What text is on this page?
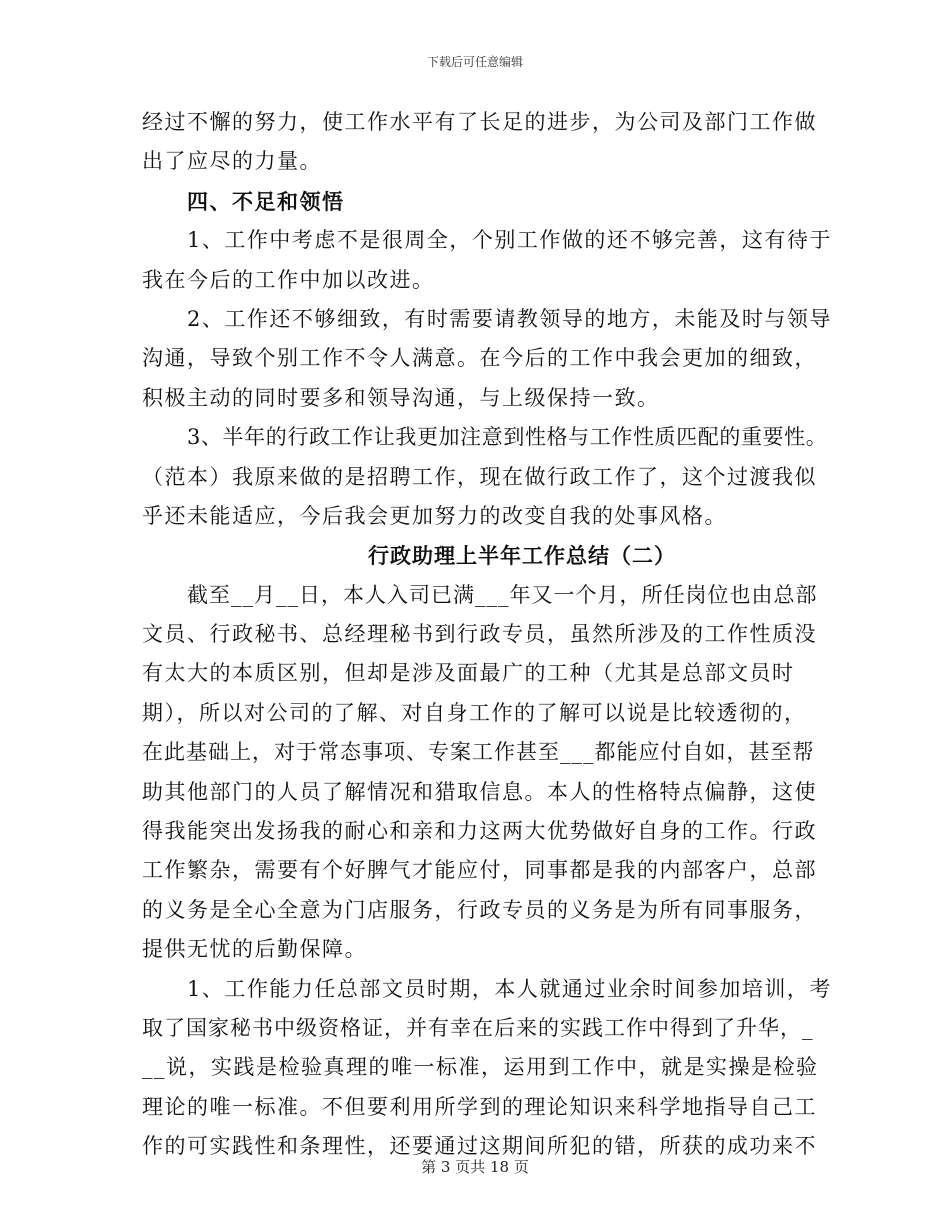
下载后可任意编辑
经过不懈的努力，使工作水平有了长足的进步，为公司及部门工作做
出了应尽的力量。
四、不足和领悟
1、工作中考虑不是很周全，个别工作做的还不够完善，这有待于
我在今后的工作中加以改进。
2、工作还不够细致，有时需要请教领导的地方，未能及时与领导
沟通，导致个别工作不令人满意。在今后的工作中我会更加的细致，
积极主动的同时要多和领导沟通，与上级保持一致。
3、半年的行政工作让我更加注意到性格与工作性质匹配的重要性。
（范本）我原来做的是招聘工作，现在做行政工作了，这个过渡我似
乎还未能适应，今后我会更加努力的改变自我的处事风格。
行政助理上半年工作总结（二）
截至__月__日，本人入司已满___年又一个月，所任岗位也由总部
文员、行政秘书、总经理秘书到行政专员，虽然所涉及的工作性质没
有太大的本质区别，但却是涉及面最广的工种（尤其是总部文员时
期），所以对公司的了解、对自身工作的了解可以说是比较透彻的，
在此基础上，对于常态事项、专案工作甚至___都能应付自如，甚至帮
助其他部门的人员了解情况和猎取信息。本人的性格特点偏静，这使
得我能突出发扬我的耐心和亲和力这两大优势做好自身的工作。行政
工作繁杂，需要有个好脾气才能应付，同事都是我的内部客户，总部
的义务是全心全意为门店服务，行政专员的义务是为所有同事服务，
提供无忧的后勤保障。
1、工作能力任总部文员时期，本人就通过业余时间参加培训，考
取了国家秘书中级资格证，并有幸在后来的实践工作中得到了升华，_
__说，实践是检验真理的唯一标准，运用到工作中，就是实操是检验
理论的唯一标准。不但要利用所学到的理论知识来科学地指导自己工
作的可实践性和条理性，还要通过这期间所犯的错，所获的成功来不
第 3 页共 18 页
